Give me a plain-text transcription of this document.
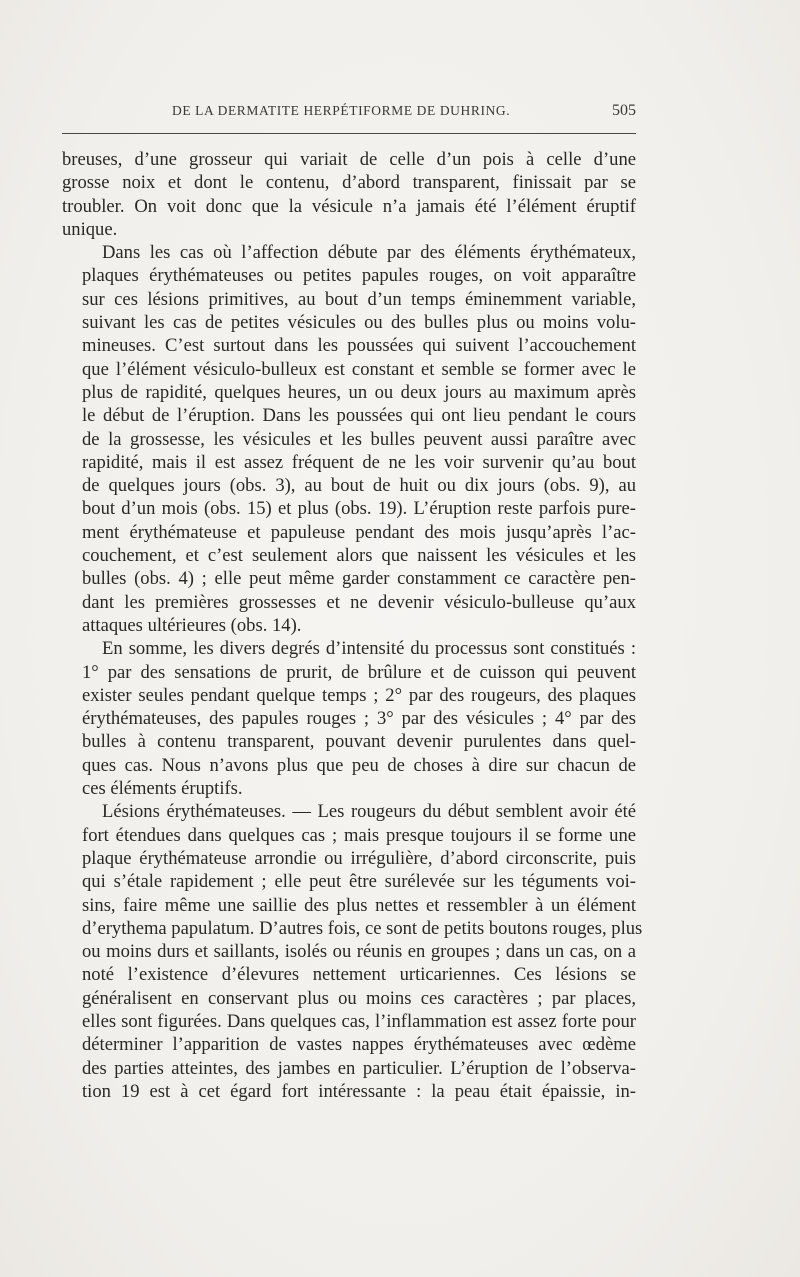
DE LA DERMATITE HERPÉTIFORME DE DUHRING.	505

breuses, d’une grosseur qui variait de celle d’un pois à celle d’une
grosse noix et dont le contenu, d’abord transparent, finissait par se
troubler. On voit donc que la vésicule n’a jamais été l’élément éruptif
unique.

Dans les cas où l’affection débute par des éléments érythémateux,
plaques érythémateuses ou petites papules rouges, on voit apparaître
sur ces lésions primitives, au bout d’un temps éminemment variable,
suivant les cas de petites vésicules ou des bulles plus ou moins volu-
mineuses. C’est surtout dans les poussées qui suivent l’accouchement
que l’élément vésiculo-bulleux est constant et semble se former avec le
plus de rapidité, quelques heures, un ou deux jours au maximum après
le début de l’éruption. Dans les poussées qui ont lieu pendant le cours
de la grossesse, les vésicules et les bulles peuvent aussi paraître avec
rapidité, mais il est assez fréquent de ne les voir survenir qu’au bout
de quelques jours (obs. 3), au bout de huit ou dix jours (obs. 9), au
bout d’un mois (obs. 15) et plus (obs. 19). L’éruption reste parfois pure-
ment érythémateuse et papuleuse pendant des mois jusqu’après l’ac-
couchement, et c’est seulement alors que naissent les vésicules et les
bulles (obs. 4) ; elle peut même garder constamment ce caractère pen-
dant les premières grossesses et ne devenir vésiculo-bulleuse qu’aux
attaques ultérieures (obs. 14).

En somme, les divers degrés d’intensité du processus sont constitués :
1° par des sensations de prurit, de brûlure et de cuisson qui peuvent
exister seules pendant quelque temps ; 2° par des rougeurs, des plaques
érythémateuses, des papules rouges ; 3° par des vésicules ; 4° par des
bulles à contenu transparent, pouvant devenir purulentes dans quel-
ques cas. Nous n’avons plus que peu de choses à dire sur chacun de
ces éléments éruptifs.

Lésions érythémateuses. — Les rougeurs du début semblent avoir été
fort étendues dans quelques cas ; mais presque toujours il se forme une
plaque érythémateuse arrondie ou irrégulière, d’abord circonscrite, puis
qui s’étale rapidement ; elle peut être surélevée sur les téguments voi-
sins, faire même une saillie des plus nettes et ressembler à un élément
d’erythema papulatum. D’autres fois, ce sont de petits boutons rouges, plus
ou moins durs et saillants, isolés ou réunis en groupes ; dans un cas, on a
noté l’existence d’élevures nettement urticariennes. Ces lésions se
généralisent en conservant plus ou moins ces caractères ; par places,
elles sont figurées. Dans quelques cas, l’inflammation est assez forte pour
déterminer l’apparition de vastes nappes érythémateuses avec œdème
des parties atteintes, des jambes en particulier. L’éruption de l’observa-
tion 19 est à cet égard fort intéressante : la peau était épaissie, in-
